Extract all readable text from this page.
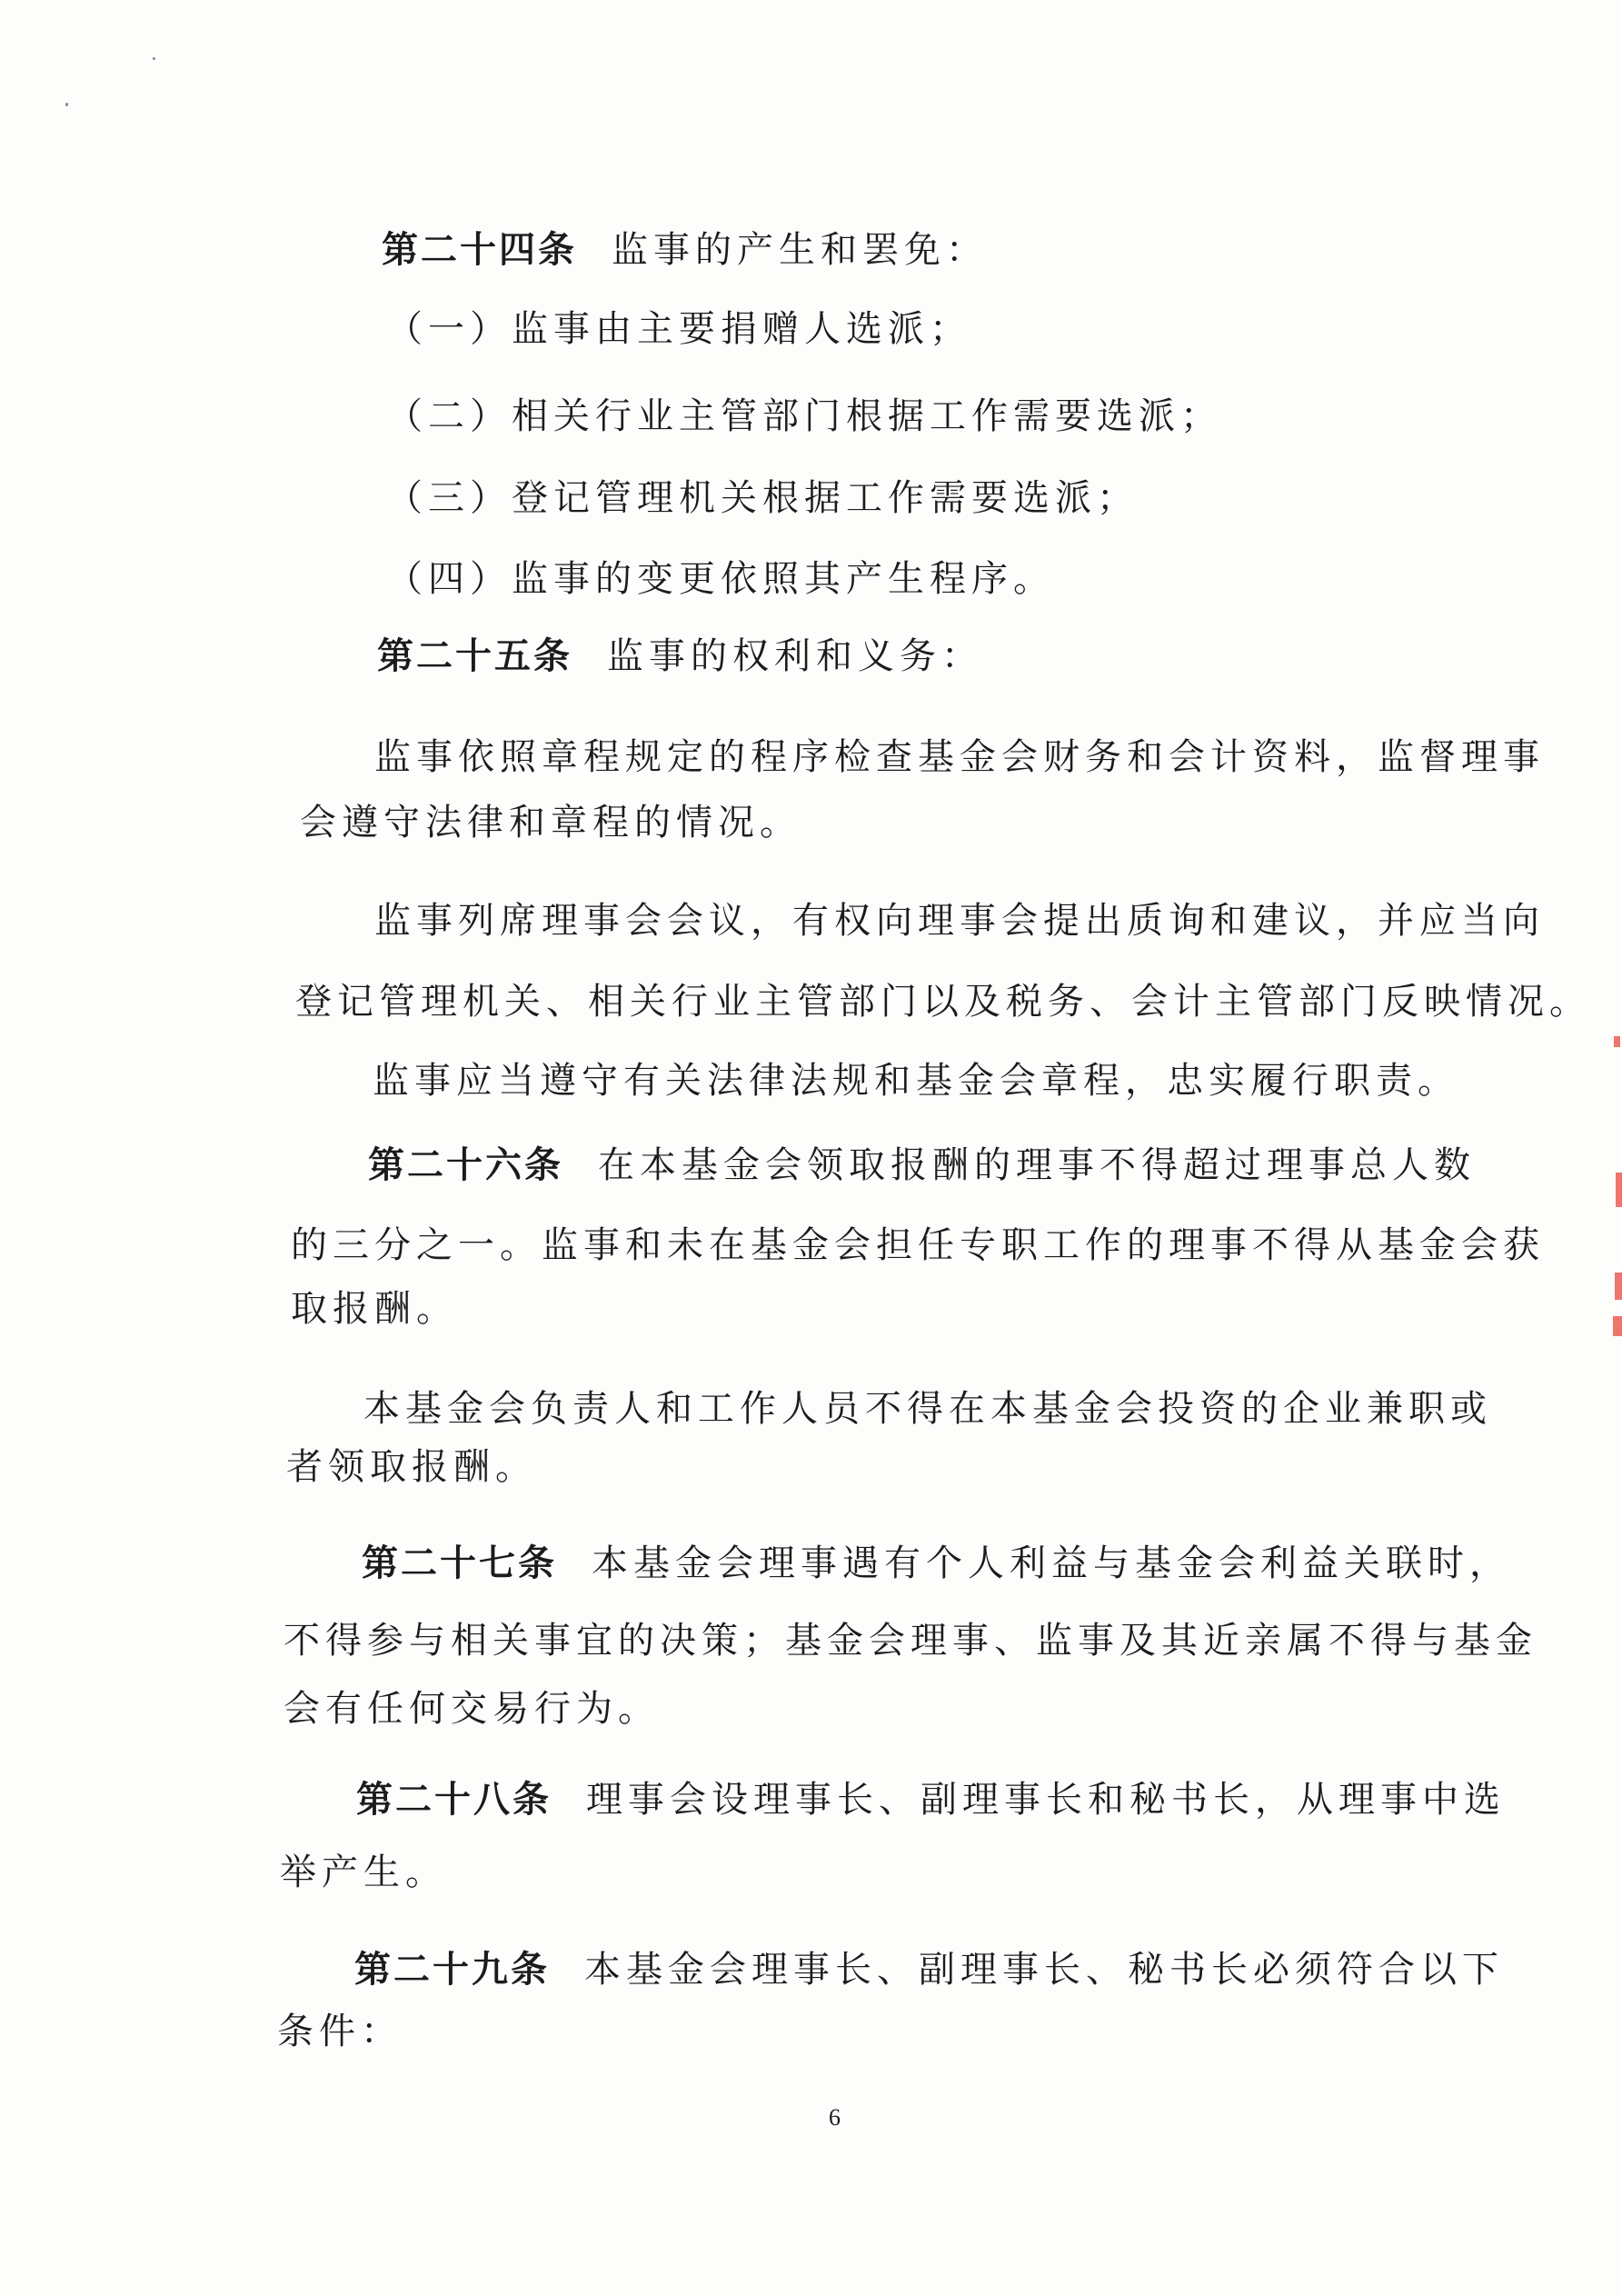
第二十四条 监事的产生和罢免：
（一）监事由主要捐赠人选派；
（二）相关行业主管部门根据工作需要选派；
（三）登记管理机关根据工作需要选派；
（四）监事的变更依照其产生程序。
第二十五条 监事的权利和义务：
监事依照章程规定的程序检查基金会财务和会计资料，监督理事
会遵守法律和章程的情况。
监事列席理事会会议，有权向理事会提出质询和建议，并应当向
登记管理机关、相关行业主管部门以及税务、会计主管部门反映情况。
监事应当遵守有关法律法规和基金会章程，忠实履行职责。
第二十六条 在本基金会领取报酬的理事不得超过理事总人数
的三分之一。监事和未在基金会担任专职工作的理事不得从基金会获
取报酬。
本基金会负责人和工作人员不得在本基金会投资的企业兼职或
者领取报酬。
第二十七条 本基金会理事遇有个人利益与基金会利益关联时，
不得参与相关事宜的决策；基金会理事、监事及其近亲属不得与基金
会有任何交易行为。
第二十八条 理事会设理事长、副理事长和秘书长，从理事中选
举产生。
第二十九条 本基金会理事长、副理事长、秘书长必须符合以下
条件：
6
